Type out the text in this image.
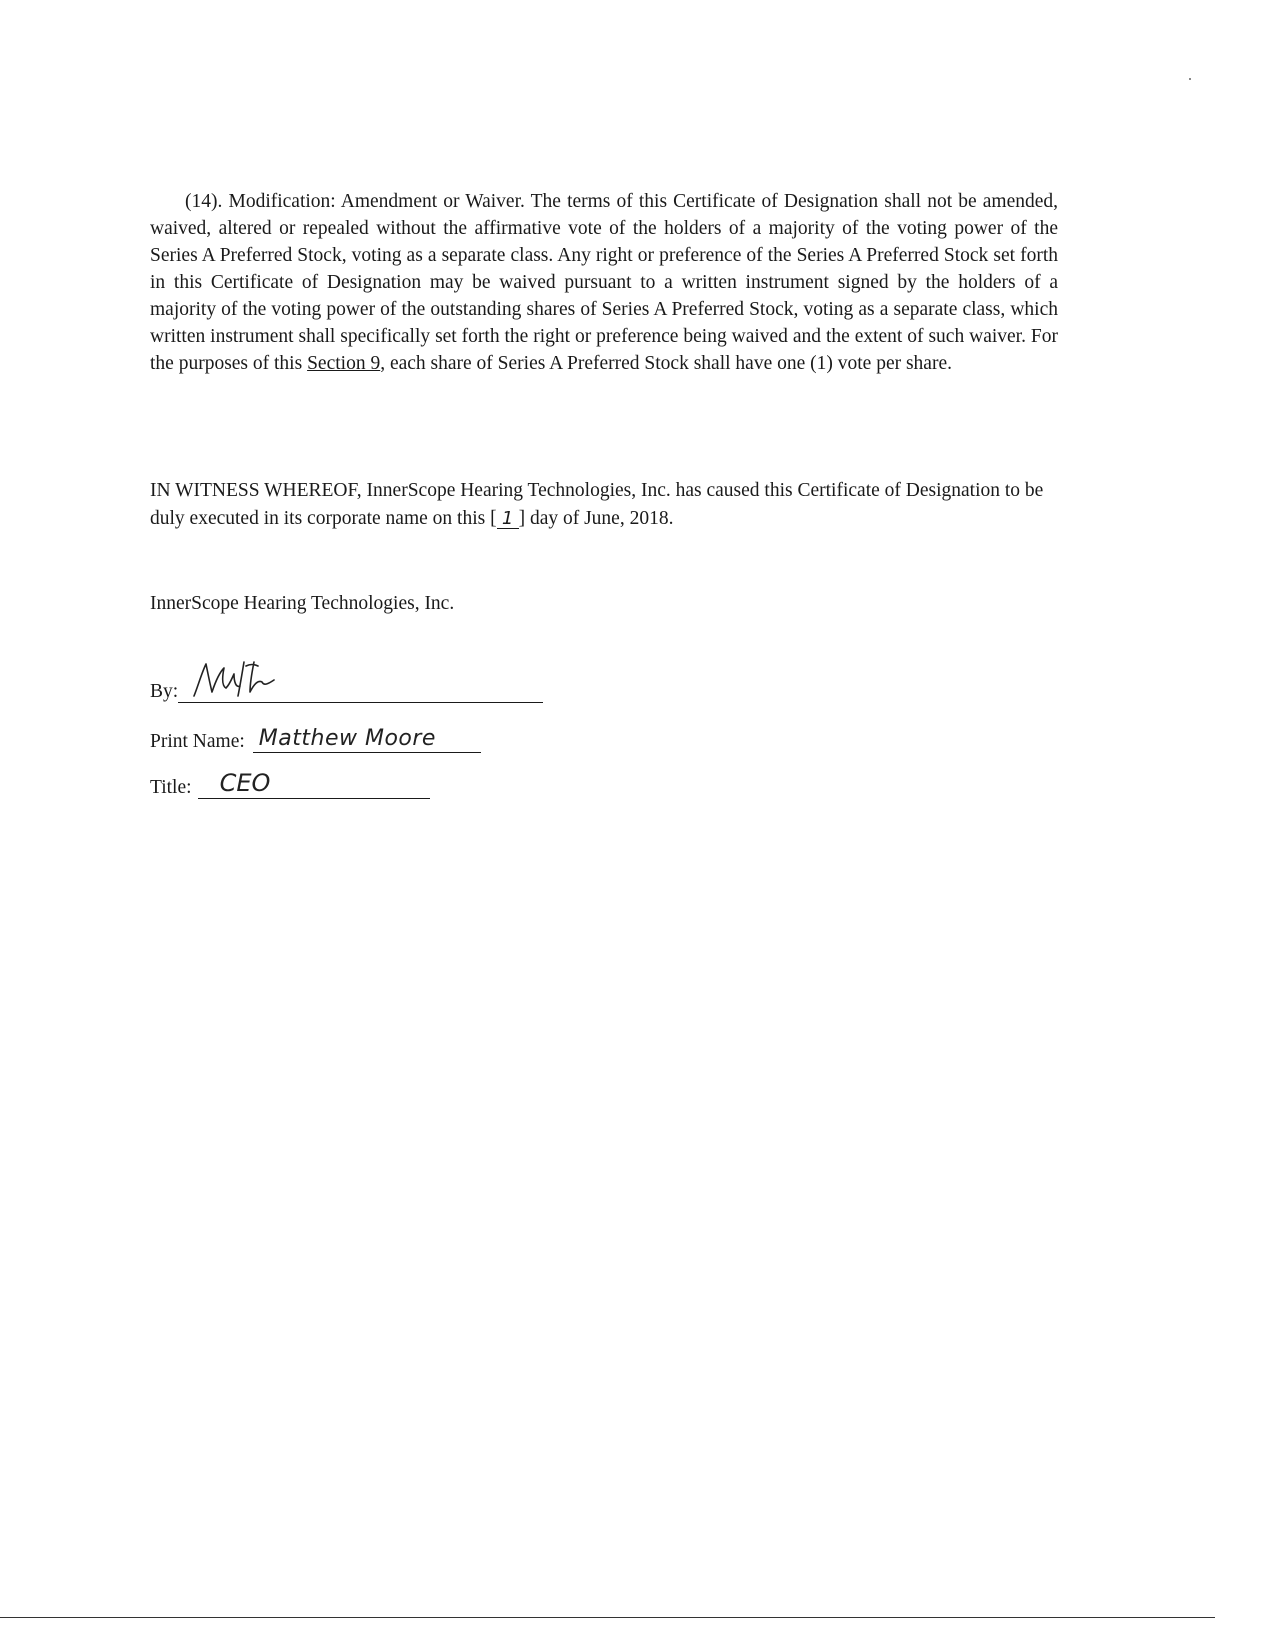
(14). Modification: Amendment or Waiver. The terms of this Certificate of Designation shall not be amended, waived, altered or repealed without the affirmative vote of the holders of a majority of the voting power of the Series A Preferred Stock, voting as a separate class. Any right or preference of the Series A Preferred Stock set forth in this Certificate of Designation may be waived pursuant to a written instrument signed by the holders of a majority of the voting power of the outstanding shares of Series A Preferred Stock, voting as a separate class, which written instrument shall specifically set forth the right or preference being waived and the extent of such waiver. For the purposes of this Section 9, each share of Series A Preferred Stock shall have one (1) vote per share.

IN WITNESS WHEREOF, InnerScope Hearing Technologies, Inc. has caused this Certificate of Designation to be duly executed in its corporate name on this [ 1 ] day of June, 2018.

InnerScope Hearing Technologies, Inc.

By:
Print Name: Matthew Moore
Title: CEO
